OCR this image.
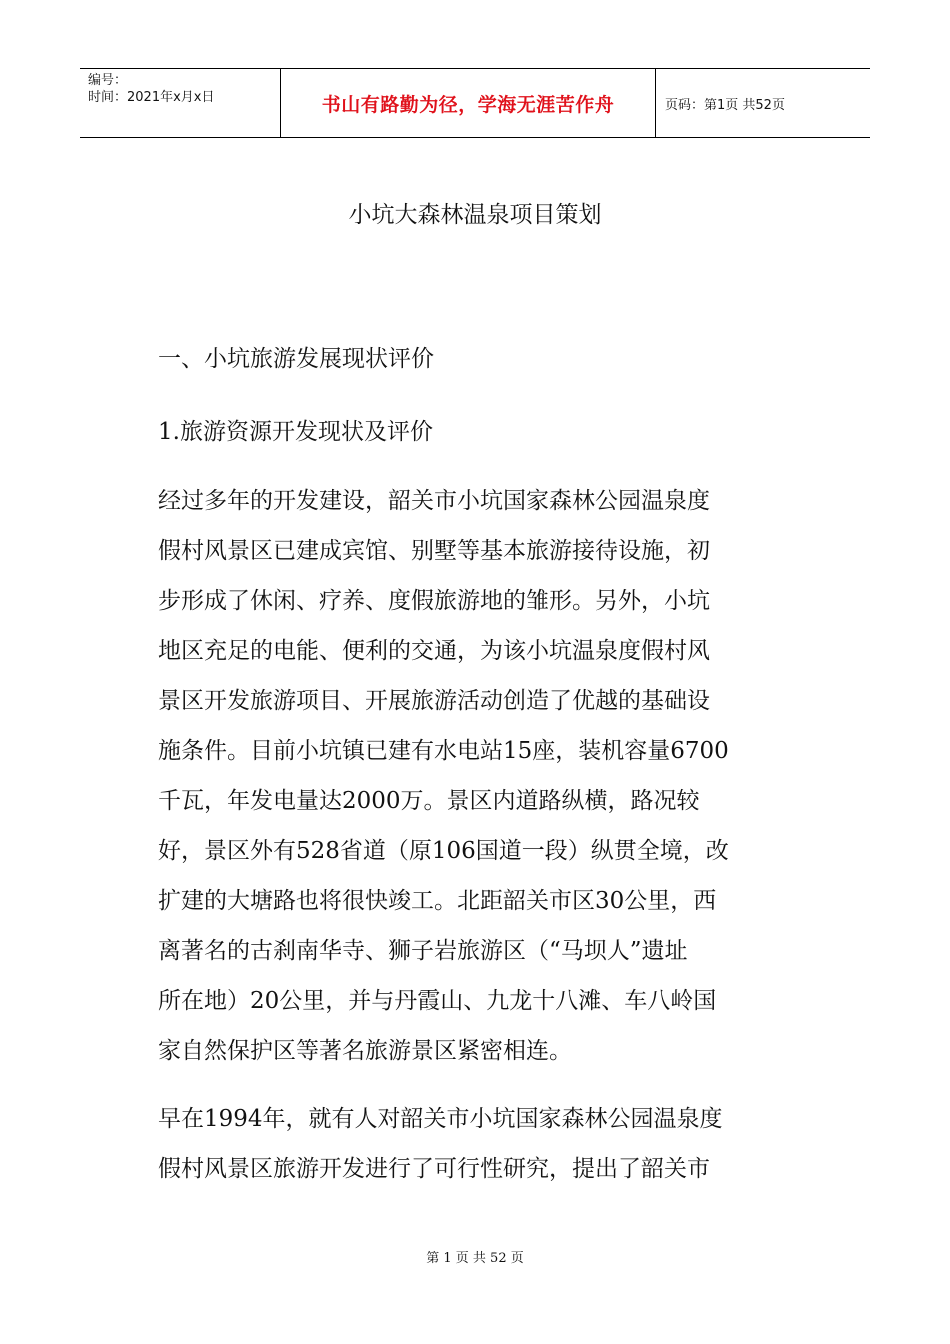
编号：
时间：2021年x月x日	书山有路勤为径，学海无涯苦作舟	页码：第1页 共52页
小坑大森林温泉项目策划
一、小坑旅游发展现状评价
1.旅游资源开发现状及评价
经过多年的开发建设，韶关市小坑国家森林公园温泉度
假村风景区已建成宾馆、别墅等基本旅游接待设施，初
步形成了休闲、疗养、度假旅游地的雏形。另外，小坑
地区充足的电能、便利的交通，为该小坑温泉度假村风
景区开发旅游项目、开展旅游活动创造了优越的基础设
施条件。目前小坑镇已建有水电站15座，装机容量6700
千瓦，年发电量达2000万。景区内道路纵横，路况较
好，景区外有528省道（原106国道一段）纵贯全境，改
扩建的大塘路也将很快竣工。北距韶关市区30公里，西
离著名的古刹南华寺、狮子岩旅游区（“马坝人”遗址
所在地）20公里，并与丹霞山、九龙十八滩、车八岭国
家自然保护区等著名旅游景区紧密相连。
早在1994年，就有人对韶关市小坑国家森林公园温泉度
假村风景区旅游开发进行了可行性研究，提出了韶关市
第 1 页 共 52 页
